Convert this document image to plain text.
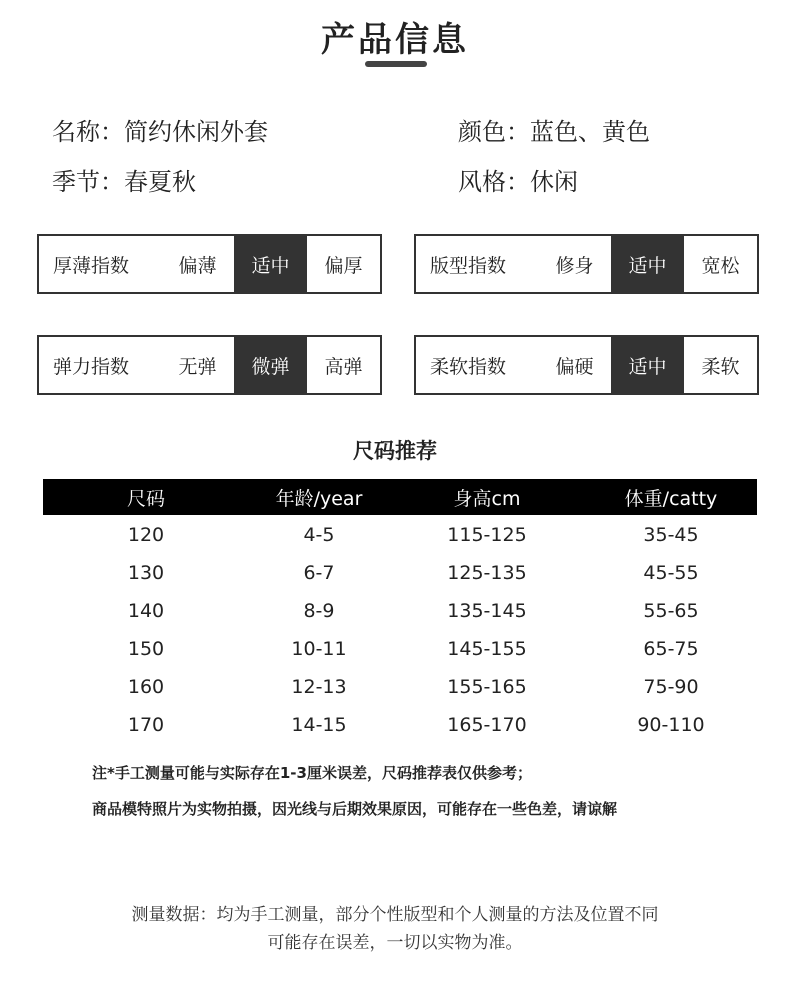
产品信息
名称：简约休闲外套	颜色：蓝色、黄色
季节：春夏秋	风格：休闲
厚薄指数	偏薄	适中	偏厚	版型指数	修身	适中	宽松
弹力指数	无弹	微弹	高弹	柔软指数	偏硬	适中	柔软
尺码推荐
尺码	年龄/year	身高cm	体重/catty
120	4-5	115-125	35-45
130	6-7	125-135	45-55
140	8-9	135-145	55-65
150	10-11	145-155	65-75
160	12-13	155-165	75-90
170	14-15	165-170	90-110
注*手工测量可能与实际存在1-3厘米误差，尺码推荐表仅供参考；
商品模特照片为实物拍摄，因光线与后期效果原因，可能存在一些色差，请谅解
测量数据：均为手工测量，部分个性版型和个人测量的方法及位置不同
可能存在误差，一切以实物为准。
